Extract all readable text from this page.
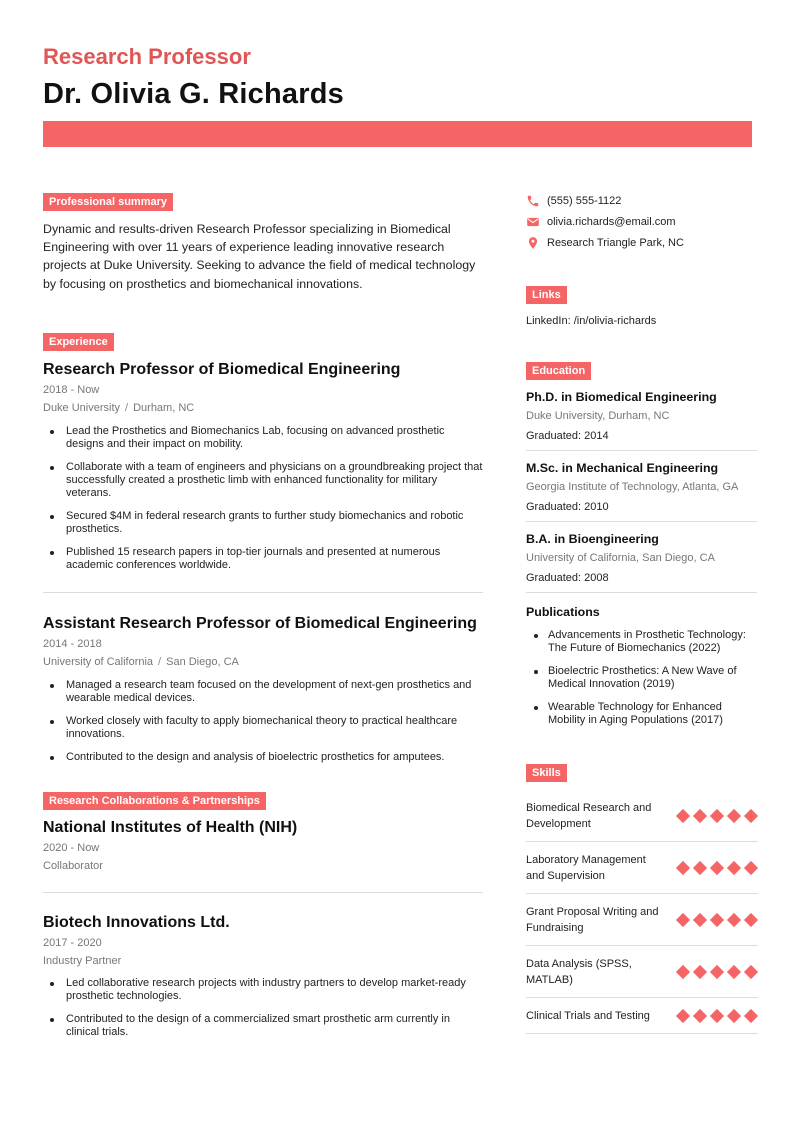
Research Professor
Dr. Olivia G. Richards
Professional summary

Dynamic and results-driven Research Professor specializing in Biomedical Engineering with over 11 years of experience leading innovative research projects at Duke University. Seeking to advance the field of medical technology by focusing on prosthetics and biomechanical innovations.

Experience
Research Professor of Biomedical Engineering
2018 - Now
Duke University / Durham, NC
Lead the Prosthetics and Biomechanics Lab, focusing on advanced prosthetic designs and their impact on mobility.
Collaborate with a team of engineers and physicians on a groundbreaking project that successfully created a prosthetic limb with enhanced functionality for military veterans.
Secured $4M in federal research grants to further study biomechanics and robotic prosthetics.
Published 15 research papers in top-tier journals and presented at numerous academic conferences worldwide.
Assistant Research Professor of Biomedical Engineering
2014 - 2018
University of California / San Diego, CA
Managed a research team focused on the development of next-gen prosthetics and wearable medical devices.
Worked closely with faculty to apply biomechanical theory to practical healthcare innovations.
Contributed to the design and analysis of bioelectric prosthetics for amputees.
Research Collaborations & Partnerships
National Institutes of Health (NIH)
2020 - Now
Collaborator
Biotech Innovations Ltd.
2017 - 2020
Industry Partner
Led collaborative research projects with industry partners to develop market-ready prosthetic technologies.
Contributed to the design of a commercialized smart prosthetic arm currently in clinical trials.
(555) 555-1122
olivia.richards@email.com
Research Triangle Park, NC
Links
LinkedIn: /in/olivia-richards
Education
Ph.D. in Biomedical Engineering
Duke University, Durham, NC
Graduated: 2014
M.Sc. in Mechanical Engineering
Georgia Institute of Technology, Atlanta, GA
Graduated: 2010
B.A. in Bioengineering
University of California, San Diego, CA
Graduated: 2008
Publications
Advancements in Prosthetic Technology: The Future of Biomechanics (2022)
Bioelectric Prosthetics: A New Wave of Medical Innovation (2019)
Wearable Technology for Enhanced Mobility in Aging Populations (2017)
Skills
Biomedical Research and Development
Laboratory Management and Supervision
Grant Proposal Writing and Fundraising
Data Analysis (SPSS, MATLAB)
Clinical Trials and Testing
